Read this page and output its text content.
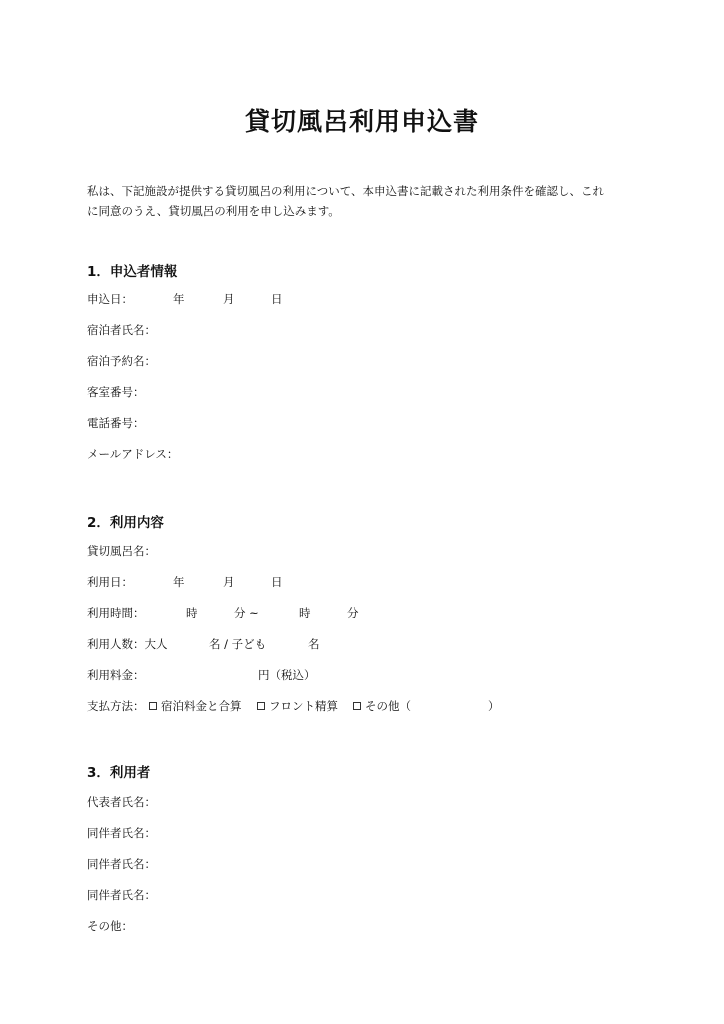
貸切風呂利用申込書
私は、下記施設が提供する貸切風呂の利用について、本申込書に記載された利用条件を確認し、これ
に同意のうえ、貸切風呂の利用を申し込みます。
1．申込者情報
申込日：	年	月	日
宿泊者氏名：
宿泊予約名：
客室番号：
電話番号：
メールアドレス：
2．利用内容
貸切風呂名：
利用日：	年	月	日
利用時間：	時	分 ~	時	分
利用人数：大人	名 / 子ども	名
利用料金：	円（税込）
支払方法：	宿泊料金と合算	フロント精算	その他（	）
3．利用者
代表者氏名：
同伴者氏名：
同伴者氏名：
同伴者氏名：
その他：
